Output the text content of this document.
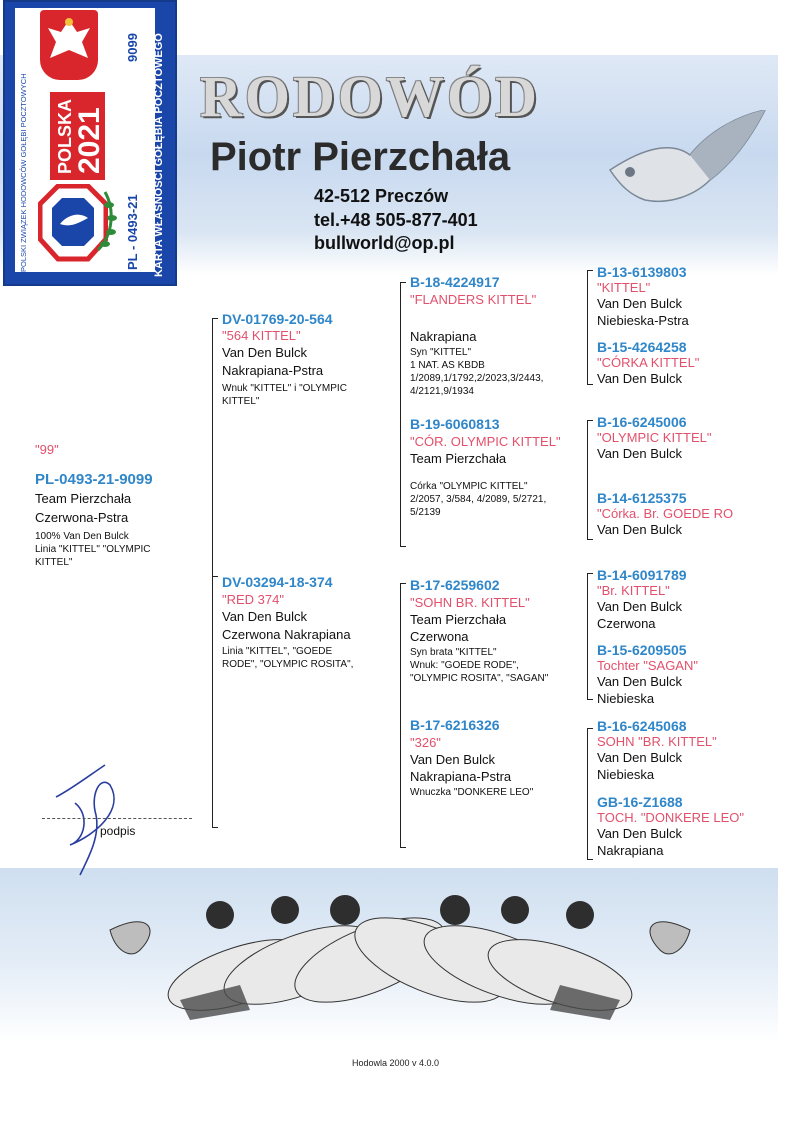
POLSKI ZWIĄZEK HODOWCÓW GOŁĘBI POCZTOWYCH	KARTA WŁASNOŚCI GOŁĘBIA POCZTOWEGO
PL - 0493-21
9099
POLSKA
2021
RODOWÓD
Piotr Pierzchała
42-512 Preczów
tel.+48 505-877-401
bullworld@op.pl
"99"
PL-0493-21-9099
Team Pierzchała
Czerwona-Pstra
100% Van Den Bulck
Linia "KITTEL" "OLYMPIC
KITTEL"
DV-01769-20-564
"564 KITTEL"
Van Den Bulck
Nakrapiana-Pstra
Wnuk "KITTEL" i "OLYMPIC
KITTEL"
DV-03294-18-374
"RED 374"
Van Den Bulck
Czerwona Nakrapiana
Linia "KITTEL", "GOEDE
RODE", "OLYMPIC ROSITA",
B-18-4224917
"FLANDERS KITTEL"
Nakrapiana
Syn "KITTEL"
1 NAT. AS KBDB
1/2089,1/1792,2/2023,3/2443,
4/2121,9/1934
B-19-6060813
"CÓR. OLYMPIC KITTEL"
Team Pierzchała
Córka "OLYMPIC KITTEL"
2/2057, 3/584, 4/2089, 5/2721,
5/2139
B-17-6259602
"SOHN BR. KITTEL"
Team Pierzchała
Czerwona
Syn brata "KITTEL"
Wnuk: "GOEDE RODE",
"OLYMPIC ROSITA", "SAGAN"
B-17-6216326
"326"
Van Den Bulck
Nakrapiana-Pstra
Wnuczka "DONKERE LEO"
B-13-6139803
"KITTEL"
Van Den Bulck
Niebieska-Pstra
B-15-4264258
"CÓRKA KITTEL"
Van Den Bulck
B-16-6245006
"OLYMPIC KITTEL"
Van Den Bulck
B-14-6125375
"Córka. Br. GOEDE RO
Van Den Bulck
B-14-6091789
"Br. KITTEL"
Van Den Bulck
Czerwona
B-15-6209505
Tochter "SAGAN"
Van Den Bulck
Niebieska
B-16-6245068
SOHN "BR. KITTEL"
Van Den Bulck
Niebieska
GB-16-Z1688
TOCH. "DONKERE LEO"
Van Den Bulck
Nakrapiana
podpis
Hodowla 2000 v 4.0.0
